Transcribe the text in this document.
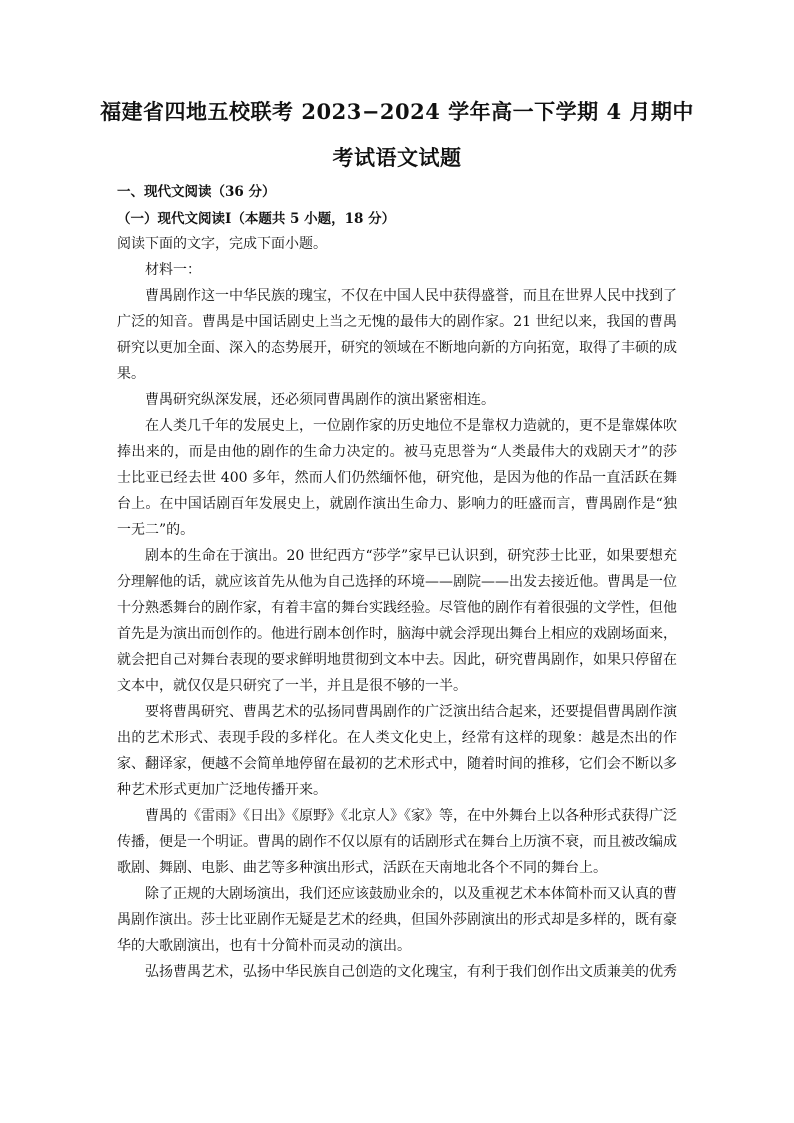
福建省四地五校联考 2023−2024 学年高一下学期 4 月期中
考试语文试题
一、现代文阅读（36 分）
（一）现代文阅读Ⅰ（本题共 5 小题，18 分）
阅读下面的文字，完成下面小题。

材料一：

曹禺剧作这一中华民族的瑰宝，不仅在中国人民中获得盛誉，而且在世界人民中找到了广泛的知音。曹禺是中国话剧史上当之无愧的最伟大的剧作家。21 世纪以来，我国的曹禺研究以更加全面、深入的态势展开，研究的领域在不断地向新的方向拓宽，取得了丰硕的成果。

曹禺研究纵深发展，还必须同曹禺剧作的演出紧密相连。

在人类几千年的发展史上，一位剧作家的历史地位不是靠权力造就的，更不是靠媒体吹捧出来的，而是由他的剧作的生命力决定的。被马克思誉为“人类最伟大的戏剧天才”的莎士比亚已经去世 400 多年，然而人们仍然缅怀他，研究他，是因为他的作品一直活跃在舞台上。在中国话剧百年发展史上，就剧作演出生命力、影响力的旺盛而言，曹禺剧作是“独一无二”的。

剧本的生命在于演出。20 世纪西方“莎学”家早已认识到，研究莎士比亚，如果要想充分理解他的话，就应该首先从他为自己选择的环境——剧院——出发去接近他。曹禺是一位十分熟悉舞台的剧作家，有着丰富的舞台实践经验。尽管他的剧作有着很强的文学性，但他首先是为演出而创作的。他进行剧本创作时，脑海中就会浮现出舞台上相应的戏剧场面来，就会把自己对舞台表现的要求鲜明地贯彻到文本中去。因此，研究曹禺剧作，如果只停留在文本中，就仅仅是只研究了一半，并且是很不够的一半。

要将曹禺研究、曹禺艺术的弘扬同曹禺剧作的广泛演出结合起来，还要提倡曹禺剧作演出的艺术形式、表现手段的多样化。在人类文化史上，经常有这样的现象：越是杰出的作家、翻译家，便越不会简单地停留在最初的艺术形式中，随着时间的推移，它们会不断以多种艺术形式更加广泛地传播开来。

曹禺的《雷雨》《日出》《原野》《北京人》《家》等，在中外舞台上以各种形式获得广泛传播，便是一个明证。曹禺的剧作不仅以原有的话剧形式在舞台上历演不衰，而且被改编成歌剧、舞剧、电影、曲艺等多种演出形式，活跃在天南地北各个不同的舞台上。

除了正规的大剧场演出，我们还应该鼓励业余的，以及重视艺术本体简朴而又认真的曹禺剧作演出。莎士比亚剧作无疑是艺术的经典，但国外莎剧演出的形式却是多样的，既有豪华的大歌剧演出，也有十分简朴而灵动的演出。

弘扬曹禺艺术，弘扬中华民族自己创造的文化瑰宝，有利于我们创作出文质兼美的优秀
